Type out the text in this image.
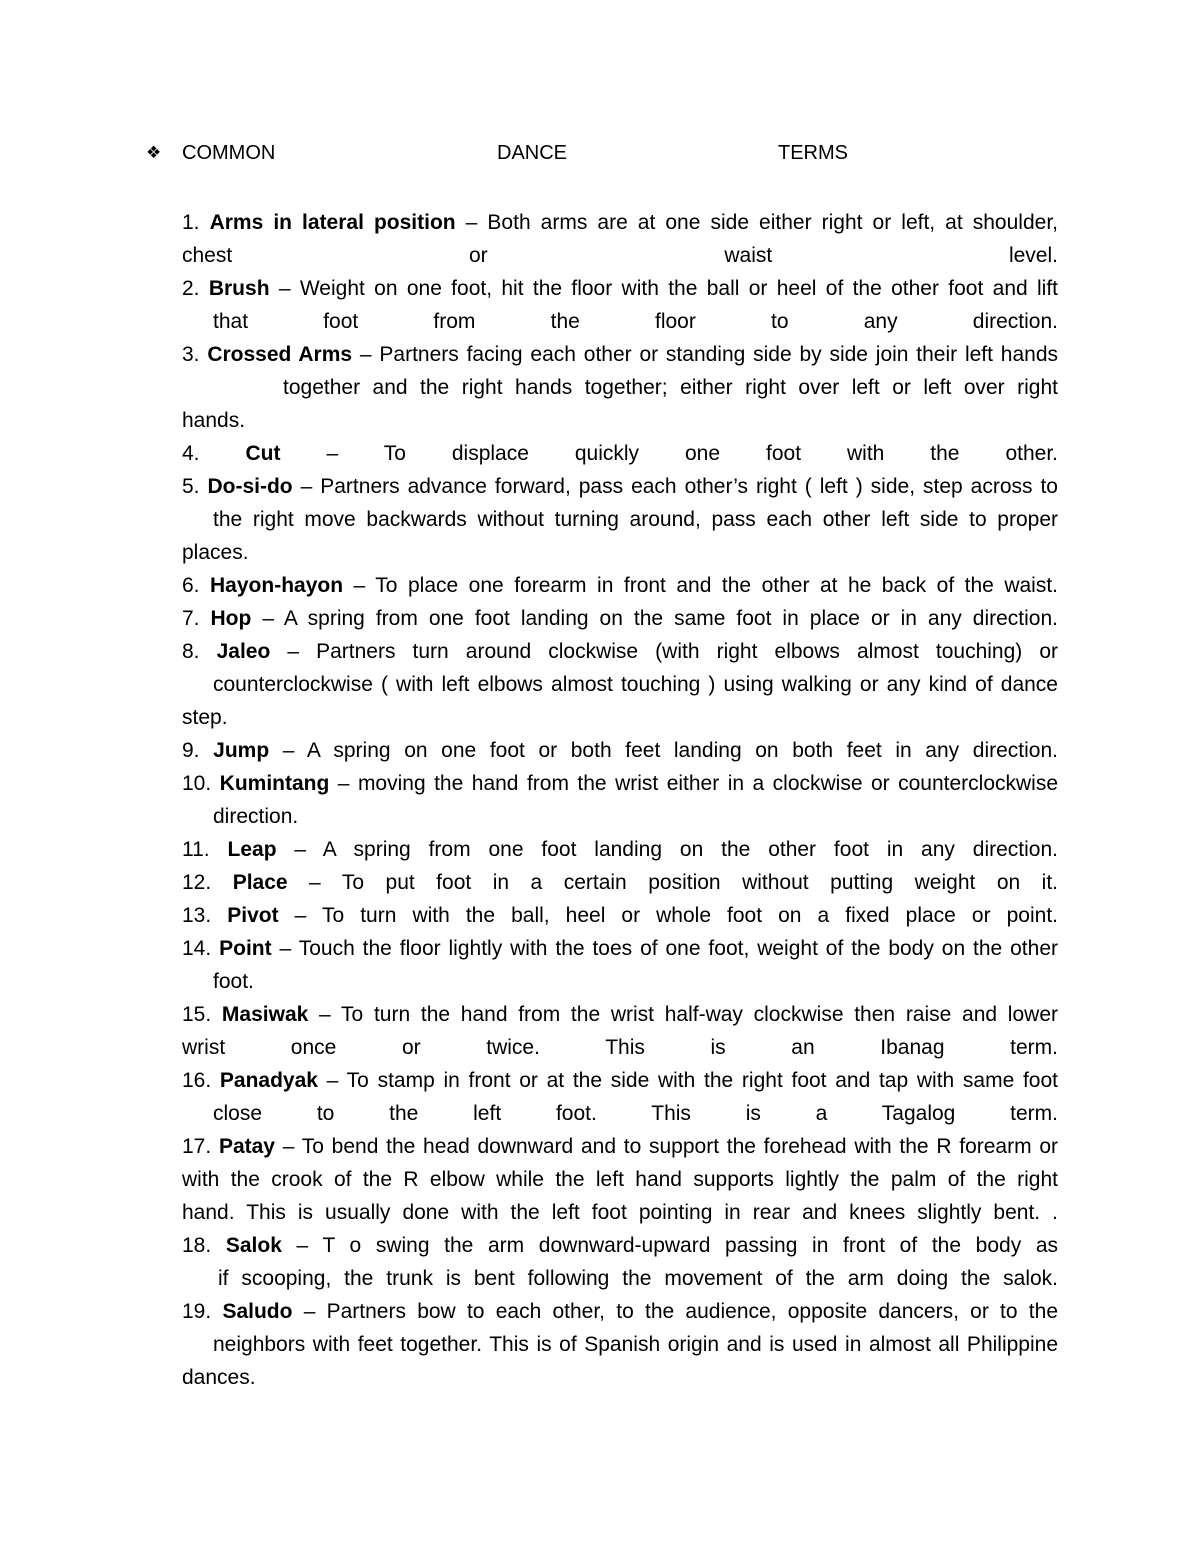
❖ COMMON	DANCE	TERMS
1. Arms in lateral position – Both arms are at one side either right or left, at shoulder,
chest or waist level.
2. Brush – Weight on one foot, hit the floor with the ball or heel of the other foot and lift
that foot from the floor to any direction.
3. Crossed Arms – Partners facing each other or standing side by side join their left hands
together and the right hands together; either right over left or left over right
hands.
4. Cut – To displace quickly one foot with the other.
5. Do-si-do – Partners advance forward, pass each other’s right ( left ) side, step across to
the right move backwards without turning around, pass each other left side to proper
places.
6. Hayon-hayon – To place one forearm in front and the other at he back of the waist.
7. Hop – A spring from one foot landing on the same foot in place or in any direction.
8. Jaleo – Partners turn around clockwise (with right elbows almost touching) or
counterclockwise ( with left elbows almost touching ) using walking or any kind of dance
step.
9. Jump – A spring on one foot or both feet landing on both feet in any direction.
10. Kumintang – moving the hand from the wrist either in a clockwise or counterclockwise
direction.
11. Leap – A spring from one foot landing on the other foot in any direction.
12. Place – To put foot in a certain position without putting weight on it.
13. Pivot – To turn with the ball, heel or whole foot on a fixed place or point.
14. Point – Touch the floor lightly with the toes of one foot, weight of the body on the other
foot.
15. Masiwak – To turn the hand from the wrist half-way clockwise then raise and lower
wrist once or twice. This is an Ibanag term.
16. Panadyak – To stamp in front or at the side with the right foot and tap with same foot
close to the left foot. This is a Tagalog term.
17. Patay – To bend the head downward and to support the forehead with the R forearm or
with the crook of the R elbow while the left hand supports lightly the palm of the right
hand. This is usually done with the left foot pointing in rear and knees slightly bent. .
18. Salok – T o swing the arm downward-upward passing in front of the body as
if scooping, the trunk is bent following the movement of the arm doing the salok.
19. Saludo – Partners bow to each other, to the audience, opposite dancers, or to the
neighbors with feet together. This is of Spanish origin and is used in almost all Philippine
dances.
